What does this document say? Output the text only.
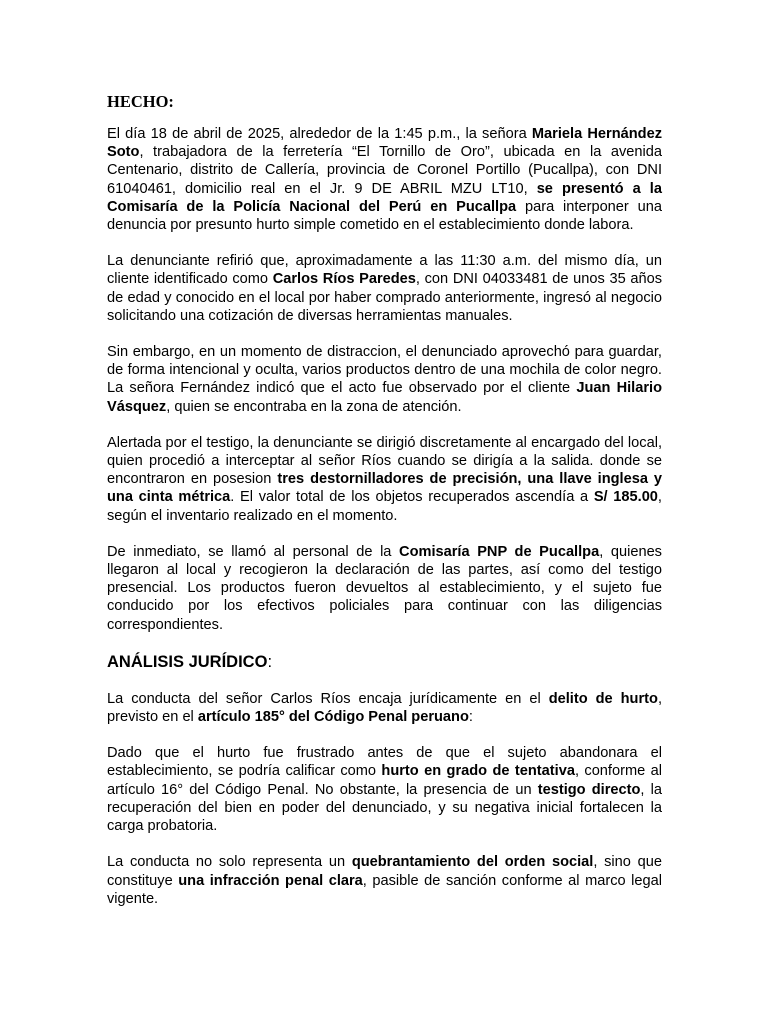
HECHO:

El día 18 de abril de 2025, alrededor de la 1:45 p.m., la señora Mariela Hernández Soto, trabajadora de la ferretería “El Tornillo de Oro”, ubicada en la avenida Centenario, distrito de Callería, provincia de Coronel Portillo (Pucallpa), con DNI 61040461, domicilio real en el Jr. 9 DE ABRIL MZU LT10, se presentó a la Comisaría de la Policía Nacional del Perú en Pucallpa para interponer una denuncia por presunto hurto simple cometido en el establecimiento donde labora.

La denunciante refirió que, aproximadamente a las 11:30 a.m. del mismo día, un cliente identificado como Carlos Ríos Paredes, con DNI 04033481 de unos 35 años de edad y conocido en el local por haber comprado anteriormente, ingresó al negocio solicitando una cotización de diversas herramientas manuales.

Sin embargo, en un momento de distraccion, el denunciado aprovechó para guardar, de forma intencional y oculta, varios productos dentro de una mochila de color negro. La señora Fernández indicó que el acto fue observado por el cliente Juan Hilario Vásquez, quien se encontraba en la zona de atención.

Alertada por el testigo, la denunciante se dirigió discretamente al encargado del local, quien procedió a interceptar al señor Ríos cuando se dirigía a la salida. donde se encontraron en posesion tres destornilladores de precisión, una llave inglesa y una cinta métrica. El valor total de los objetos recuperados ascendía a S/ 185.00, según el inventario realizado en el momento.

De inmediato, se llamó al personal de la Comisaría PNP de Pucallpa, quienes llegaron al local y recogieron la declaración de las partes, así como del testigo presencial. Los productos fueron devueltos al establecimiento, y el sujeto fue conducido por los efectivos policiales para continuar con las diligencias correspondientes.

ANÁLISIS JURÍDICO:

La conducta del señor Carlos Ríos encaja jurídicamente en el delito de hurto, previsto en el artículo 185° del Código Penal peruano:

Dado que el hurto fue frustrado antes de que el sujeto abandonara el establecimiento, se podría calificar como hurto en grado de tentativa, conforme al artículo 16° del Código Penal. No obstante, la presencia de un testigo directo, la recuperación del bien en poder del denunciado, y su negativa inicial fortalecen la carga probatoria.

La conducta no solo representa un quebrantamiento del orden social, sino que constituye una infracción penal clara, pasible de sanción conforme al marco legal vigente.
